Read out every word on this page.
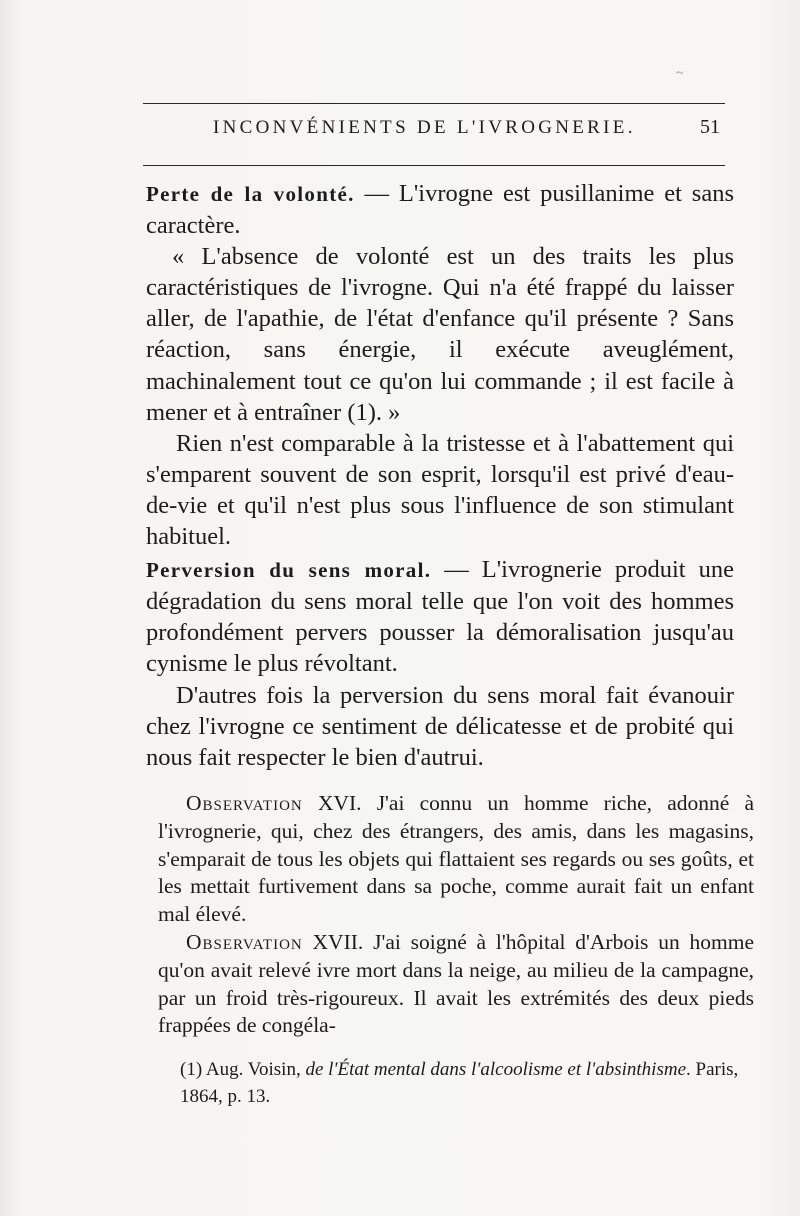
INCONVÉNIENTS DE L'IVROGNERIE.	51
~

Perte de la volonté. — L'ivrogne est pusillanime et sans caractère.

« L'absence de volonté est un des traits les plus caractéristiques de l'ivrogne. Qui n'a été frappé du laisser aller, de l'apathie, de l'état d'enfance qu'il présente ? Sans réaction, sans énergie, il exécute aveuglément, machinalement tout ce qu'on lui commande ; il est facile à mener et à entraîner (1). »

Rien n'est comparable à la tristesse et à l'abattement qui s'emparent souvent de son esprit, lorsqu'il est privé d'eau-de-vie et qu'il n'est plus sous l'influence de son stimulant habituel.

Perversion du sens moral. — L'ivrognerie produit une dégradation du sens moral telle que l'on voit des hommes profondément pervers pousser la démoralisation jusqu'au cynisme le plus révoltant.

D'autres fois la perversion du sens moral fait évanouir chez l'ivrogne ce sentiment de délicatesse et de probité qui nous fait respecter le bien d'autrui.

Observation XVI. J'ai connu un homme riche, adonné à l'ivrognerie, qui, chez des étrangers, des amis, dans les magasins, s'emparait de tous les objets qui flattaient ses regards ou ses goûts, et les mettait furtivement dans sa poche, comme aurait fait un enfant mal élevé.

Observation XVII. J'ai soigné à l'hôpital d'Arbois un homme qu'on avait relevé ivre mort dans la neige, au milieu de la campagne, par un froid très-rigoureux. Il avait les extrémités des deux pieds frappées de congéla-

(1) Aug. Voisin, de l'État mental dans l'alcoolisme et l'absinthisme. Paris, 1864, p. 13.
